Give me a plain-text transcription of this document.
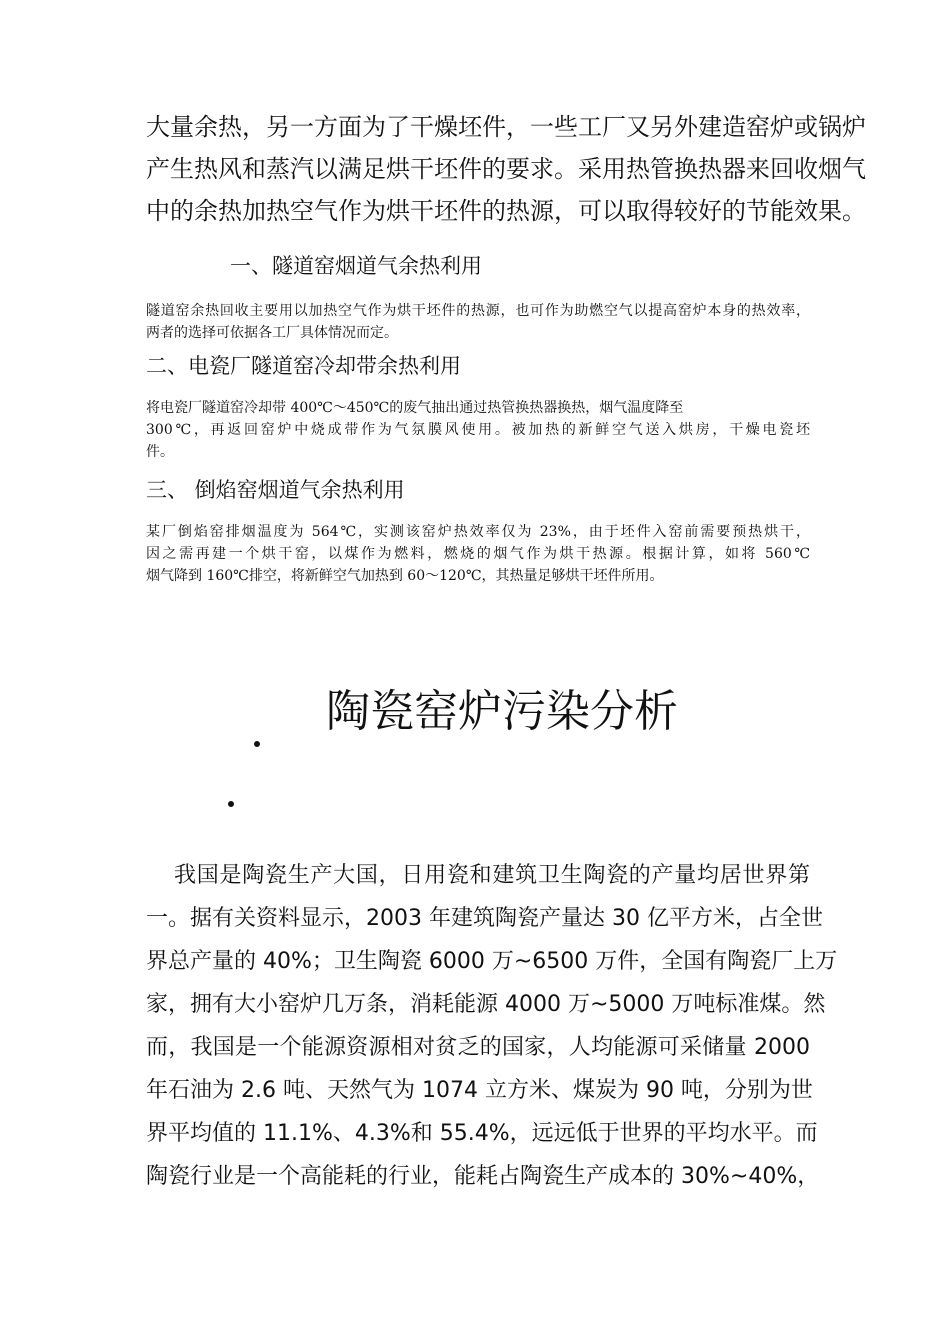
大量余热，另一方面为了干燥坯件，一些工厂又另外建造窑炉或锅炉
产生热风和蒸汽以满足烘干坯件的要求。采用热管换热器来回收烟气
中的余热加热空气作为烘干坯件的热源，可以取得较好的节能效果。
一、隧道窑烟道气余热利用
隧道窑余热回收主要用以加热空气作为烘干坯件的热源，也可作为助燃空气以提高窑炉本身的热效率，
两者的选择可依据各工厂具体情况而定。
二、电瓷厂隧道窑冷却带余热利用
将电瓷厂隧道窑冷却带 400℃～450℃的废气抽出通过热管换热器换热，烟气温度降至
300℃，再返回窑炉中烧成带作为气氛膜风使用。被加热的新鲜空气送入烘房，干燥电瓷坯
件。
三、 倒焰窑烟道气余热利用
某厂倒焰窑排烟温度为 564℃，实测该窑炉热效率仅为 23%，由于坯件入窑前需要预热烘干，
因之需再建一个烘干窑，以煤作为燃料，燃烧的烟气作为烘干热源。根据计算，如将 560℃
烟气降到 160℃排空，将新鲜空气加热到 60～120℃，其热量足够烘干坯件所用。
陶瓷窑炉污染分析
我国是陶瓷生产大国，日用瓷和建筑卫生陶瓷的产量均居世界第
一。据有关资料显示，2003 年建筑陶瓷产量达 30 亿平方米，占全世
界总产量的 40%；卫生陶瓷 6000 万~6500 万件，全国有陶瓷厂上万
家，拥有大小窑炉几万条，消耗能源 4000 万~5000 万吨标准煤。然
而，我国是一个能源资源相对贫乏的国家，人均能源可采储量 2000
年石油为 2.6 吨、天然气为 1074 立方米、煤炭为 90 吨，分别为世
界平均值的 11.1%、4.3%和 55.4%，远远低于世界的平均水平。而
陶瓷行业是一个高能耗的行业，能耗占陶瓷生产成本的 30%~40%，
